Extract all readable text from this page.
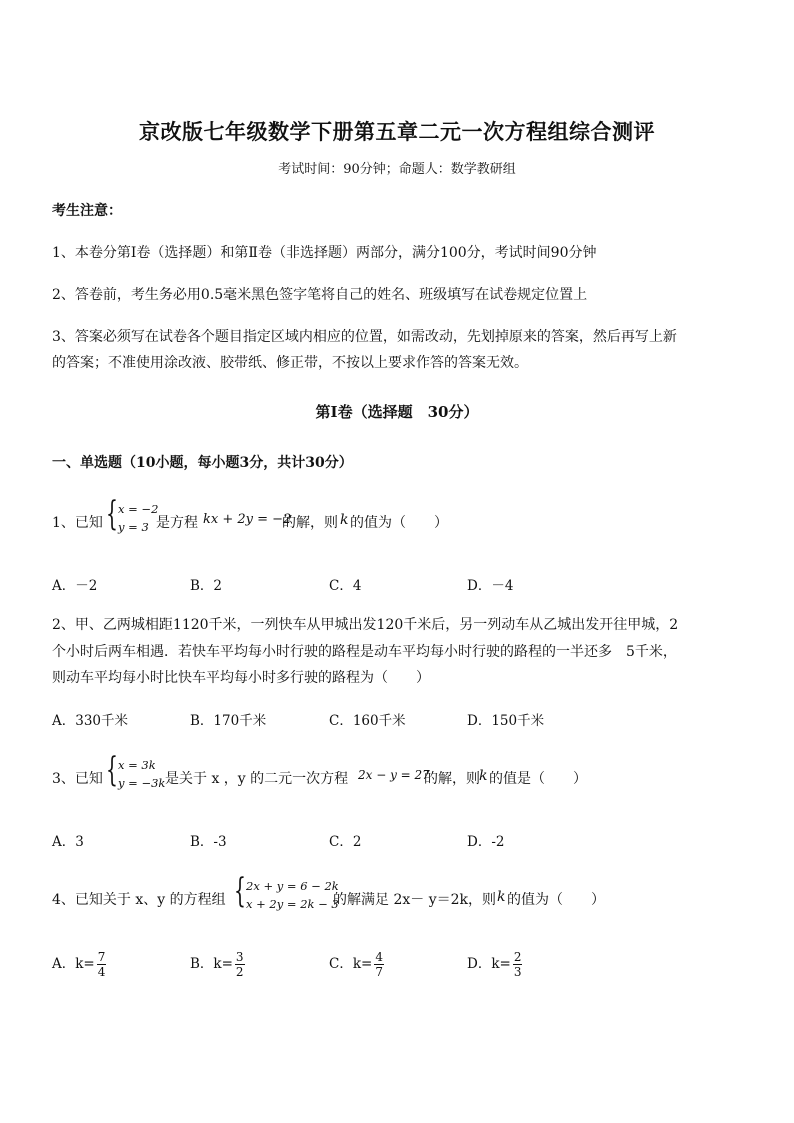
京改版七年级数学下册第五章二元一次方程组综合测评
考试时间：90分钟；命题人：数学教研组
考生注意：
1、本卷分第Ⅰ卷（选择题）和第Ⅱ卷（非选择题）两部分，满分100分，考试时间90分钟
2、答卷前，考生务必用0.5毫米黑色签字笔将自己的姓名、班级填写在试卷规定位置上
3、答案必须写在试卷各个题目指定区域内相应的位置，如需改动，先划掉原来的答案，然后再写上新
的答案；不准使用涂改液、胶带纸、修正带，不按以上要求作答的答案无效。
第Ⅰ卷（选择题　30分）
一、单选题（10小题，每小题3分，共计30分）
1、已知 { x = −2
y = 3 是方程 kx + 2y = −2
的解，则 k 的值为（　　）
A．－2	B．2	C．4	D．－4
2、甲、乙两城相距1120千米，一列快车从甲城出发120千米后，另一列动车从乙城出发开往甲城，2
个小时后两车相遇．若快车平均每小时行驶的路程是动车平均每小时行驶的路程的一半还多　5千米，
则动车平均每小时比快车平均每小时多行驶的路程为（　　）
A．330千米	B．170千米	C．160千米	D．150千米
3、已知 { x = 3k
y = −3k 是关于 x ，y 的二元一次方程 2x − y = 27
的解，则 k 的值是（　　）
A．3	B．-3	C．2	D．-2
4、已知关于 x、y 的方程组 { 2x + y = 6 − 2k
x + 2y = 2k − 3
的解满足 2x－ y＝2k，则 k 的值为（　　）
A．$k= \frac{7}{4}$	B．$k= \frac{3}{2}$	C．$k= \frac{4}{7}$	D．$k= \frac{2}{3}$
